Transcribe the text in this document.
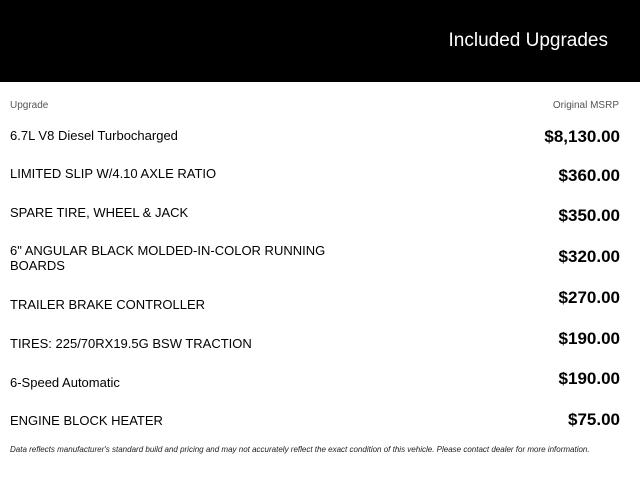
Included Upgrades
Upgrade	Original MSRP
6.7L V8 Diesel Turbocharged	$8,130.00
LIMITED SLIP W/4.10 AXLE RATIO	$360.00
SPARE TIRE, WHEEL & JACK	$350.00
6" ANGULAR BLACK MOLDED-IN-COLOR RUNNING BOARDS	$320.00
TRAILER BRAKE CONTROLLER	$270.00
TIRES: 225/70RX19.5G BSW TRACTION	$190.00
6-Speed Automatic	$190.00
ENGINE BLOCK HEATER	$75.00
Data reflects manufacturer's standard build and pricing and may not accurately reflect the exact condition of this vehicle. Please contact dealer for more information.
